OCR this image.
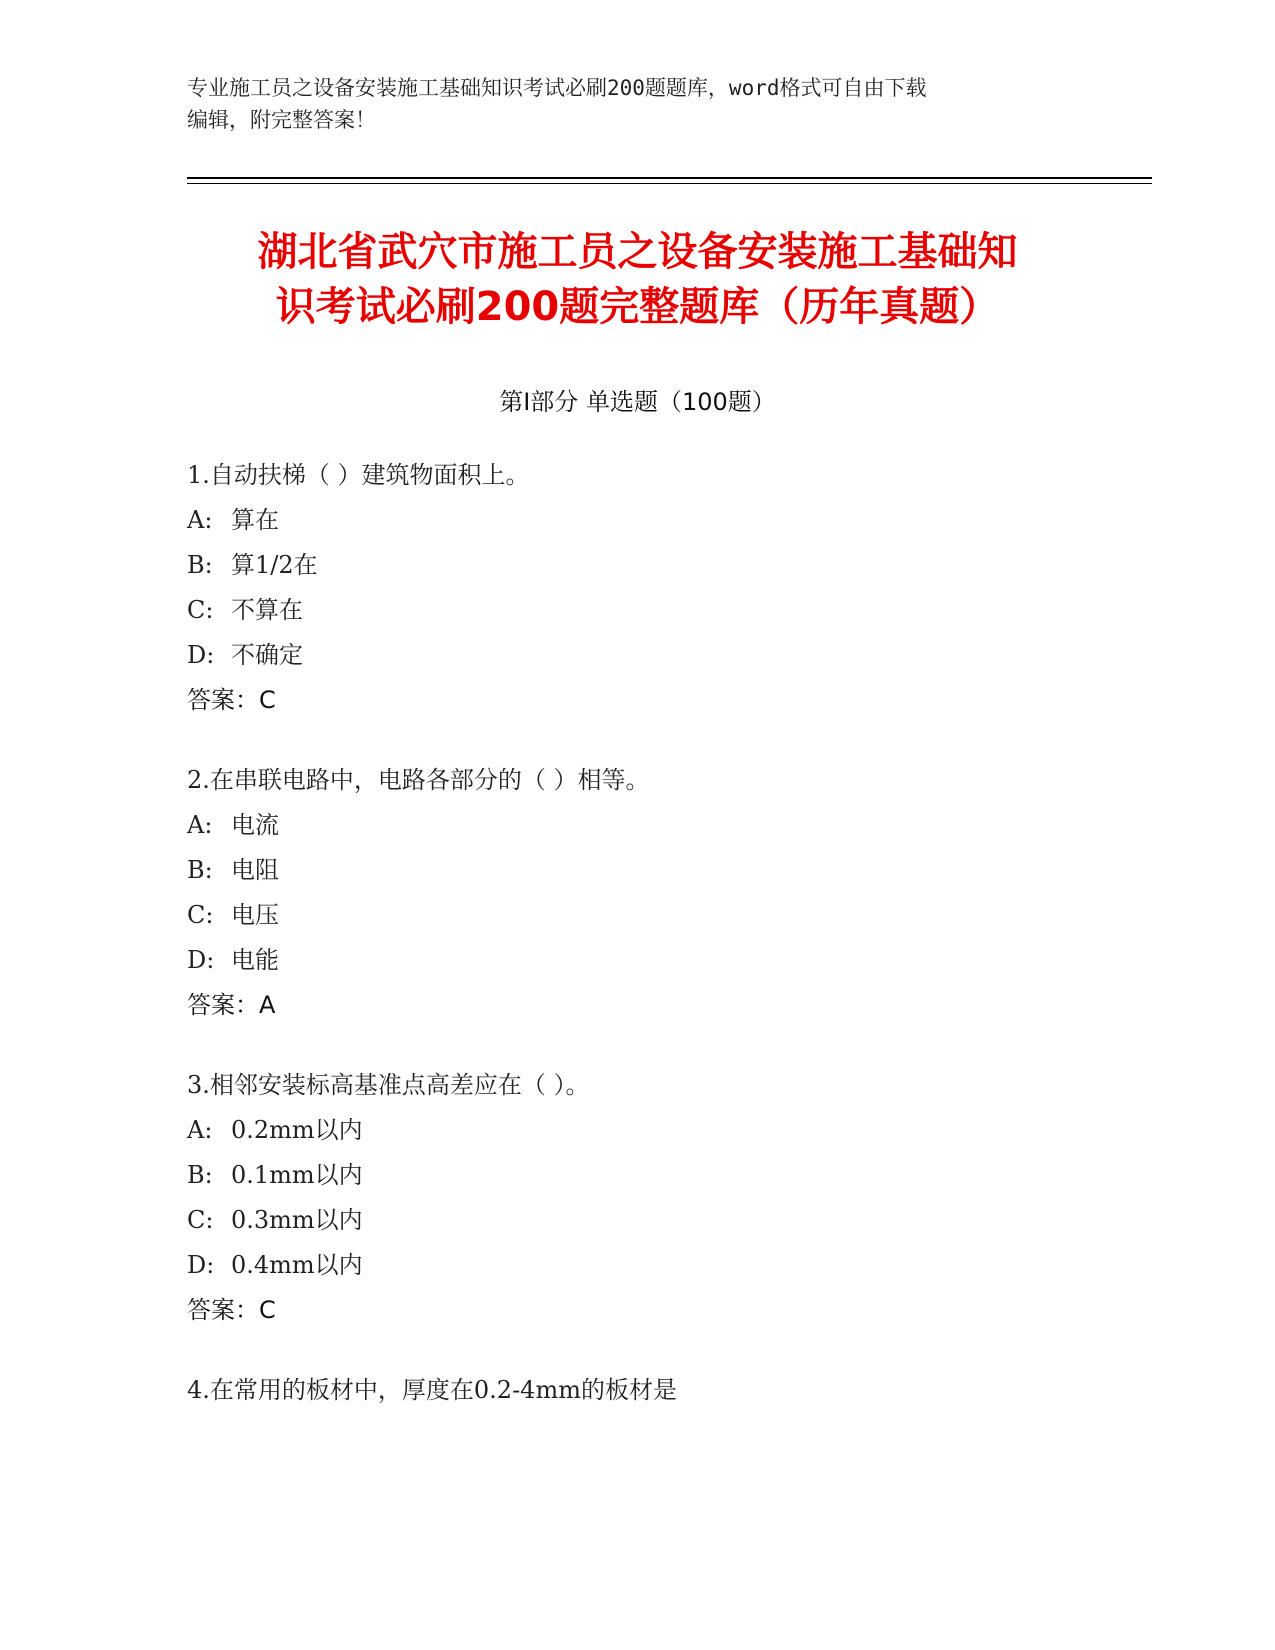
专业施工员之设备安装施工基础知识考试必刷200题题库，word格式可自由下载
编辑，附完整答案！
湖北省武穴市施工员之设备安装施工基础知
识考试必刷200题完整题库（历年真题）
第Ⅰ部分 单选题（100题）
1.自动扶梯（ ）建筑物面积上。
A: 算在
B: 算1/2在
C: 不算在
D: 不确定
答案：C
2.在串联电路中，电路各部分的（ ）相等。
A: 电流
B: 电阻
C: 电压
D: 电能
答案：A
3.相邻安装标高基准点高差应在（ ）。
A: 0.2mm以内
B: 0.1mm以内
C: 0.3mm以内
D: 0.4mm以内
答案：C
4.在常用的板材中，厚度在0.2-4mm的板材是
